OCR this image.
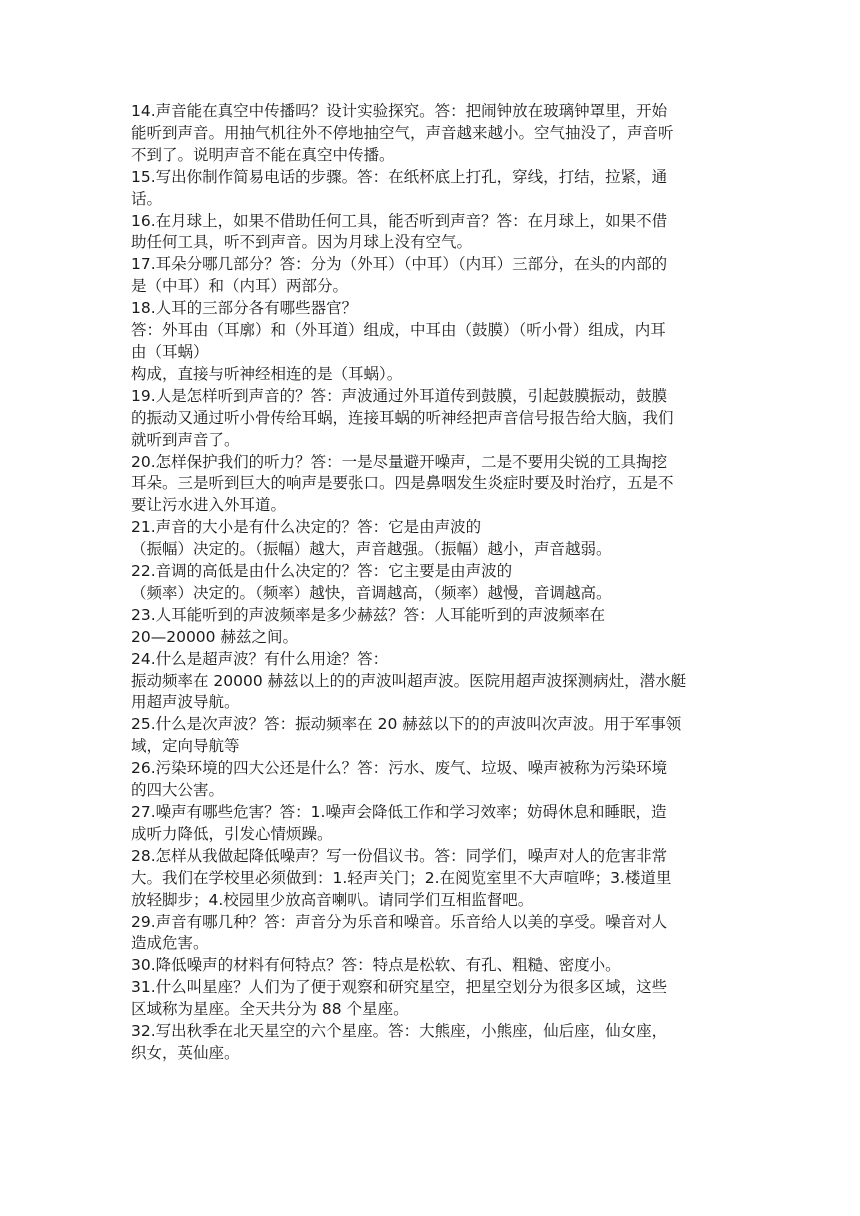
14.声音能在真空中传播吗？设计实验探究。答：把闹钟放在玻璃钟罩里，开始

能听到声音。用抽气机往外不停地抽空气，声音越来越小。空气抽没了，声音听

不到了。说明声音不能在真空中传播。

15.写出你制作简易电话的步骤。答：在纸杯底上打孔，穿线，打结，拉紧，通

话。

16.在月球上，如果不借助任何工具，能否听到声音？答：在月球上，如果不借

助任何工具，听不到声音。因为月球上没有空气。

17.耳朵分哪几部分？答：分为（外耳）（中耳）（内耳）三部分，在头的内部的

是（中耳）和（内耳）两部分。

18.人耳的三部分各有哪些器官？

答：外耳由（耳廓）和（外耳道）组成，中耳由（鼓膜）（听小骨）组成，内耳

由（耳蜗）

构成，直接与听神经相连的是（耳蜗）。

19.人是怎样听到声音的？答：声波通过外耳道传到鼓膜，引起鼓膜振动，鼓膜

的振动又通过听小骨传给耳蜗，连接耳蜗的听神经把声音信号报告给大脑，我们

就听到声音了。

20.怎样保护我们的听力？答：一是尽量避开噪声，二是不要用尖锐的工具掏挖

耳朵。三是听到巨大的响声是要张口。四是鼻咽发生炎症时要及时治疗，五是不

要让污水进入外耳道。

21.声音的大小是有什么决定的？答：它是由声波的

（振幅）决定的。（振幅）越大，声音越强。（振幅）越小，声音越弱。

22.音调的高低是由什么决定的？答：它主要是由声波的

（频率）决定的。（频率）越快，音调越高，（频率）越慢，音调越高。

23.人耳能听到的声波频率是多少赫兹？答：人耳能听到的声波频率在

20—20000 赫兹之间。

24.什么是超声波？有什么用途？答：

振动频率在 20000 赫兹以上的的声波叫超声波。医院用超声波探测病灶，潜水艇

用超声波导航。

25.什么是次声波？答：振动频率在 20 赫兹以下的的声波叫次声波。用于军事领

域，定向导航等

26.污染环境的四大公还是什么？答：污水、废气、垃圾、噪声被称为污染环境

的四大公害。

27.噪声有哪些危害？答：1.噪声会降低工作和学习效率；妨碍休息和睡眠，造

成听力降低，引发心情烦躁。

28.怎样从我做起降低噪声？写一份倡议书。答：同学们，噪声对人的危害非常

大。我们在学校里必须做到：1.轻声关门；2.在阅览室里不大声喧哗；3.楼道里

放轻脚步；4.校园里少放高音喇叭。请同学们互相监督吧。

29.声音有哪几种？答：声音分为乐音和噪音。乐音给人以美的享受。噪音对人

造成危害。

30.降低噪声的材料有何特点？答：特点是松软、有孔、粗糙、密度小。

31.什么叫星座？人们为了便于观察和研究星空，把星空划分为很多区域，这些

区域称为星座。全天共分为 88 个星座。

32.写出秋季在北天星空的六个星座。答：大熊座，小熊座，仙后座，仙女座，

织女，英仙座。
